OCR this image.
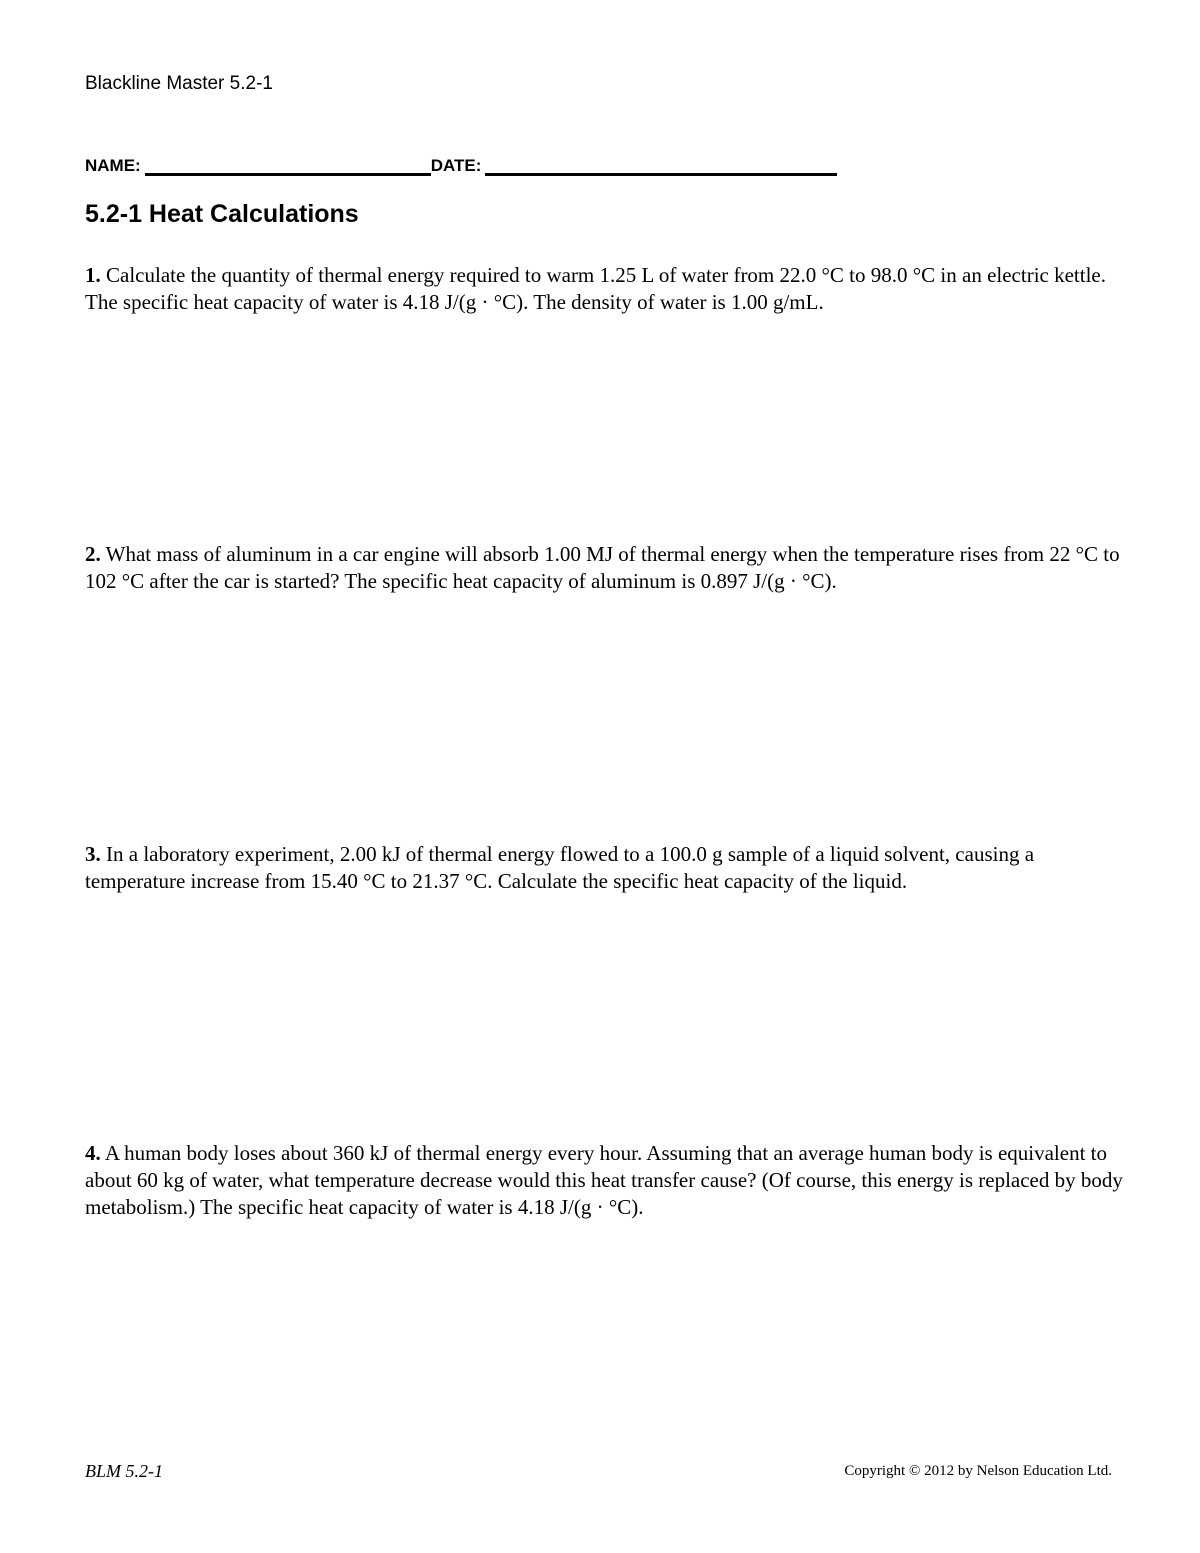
Blackline Master 5.2-1
NAME:	DATE:
5.2-1 Heat Calculations

1. Calculate the quantity of thermal energy required to warm 1.25 L of water from 22.0 °C to 98.0 °C in an electric kettle. The specific heat capacity of water is 4.18 J/(g · °C). The density of water is 1.00 g/mL.

2. What mass of aluminum in a car engine will absorb 1.00 MJ of thermal energy when the temperature rises from 22 °C to 102 °C after the car is started? The specific heat capacity of aluminum is 0.897 J/(g · °C).

3. In a laboratory experiment, 2.00 kJ of thermal energy flowed to a 100.0 g sample of a liquid solvent, causing a temperature increase from 15.40 °C to 21.37 °C. Calculate the specific heat capacity of the liquid.

4. A human body loses about 360 kJ of thermal energy every hour. Assuming that an average human body is equivalent to about 60 kg of water, what temperature decrease would this heat transfer cause? (Of course, this energy is replaced by body metabolism.) The specific heat capacity of water is 4.18 J/(g · °C).

BLM 5.2-1	Copyright © 2012 by Nelson Education Ltd.
